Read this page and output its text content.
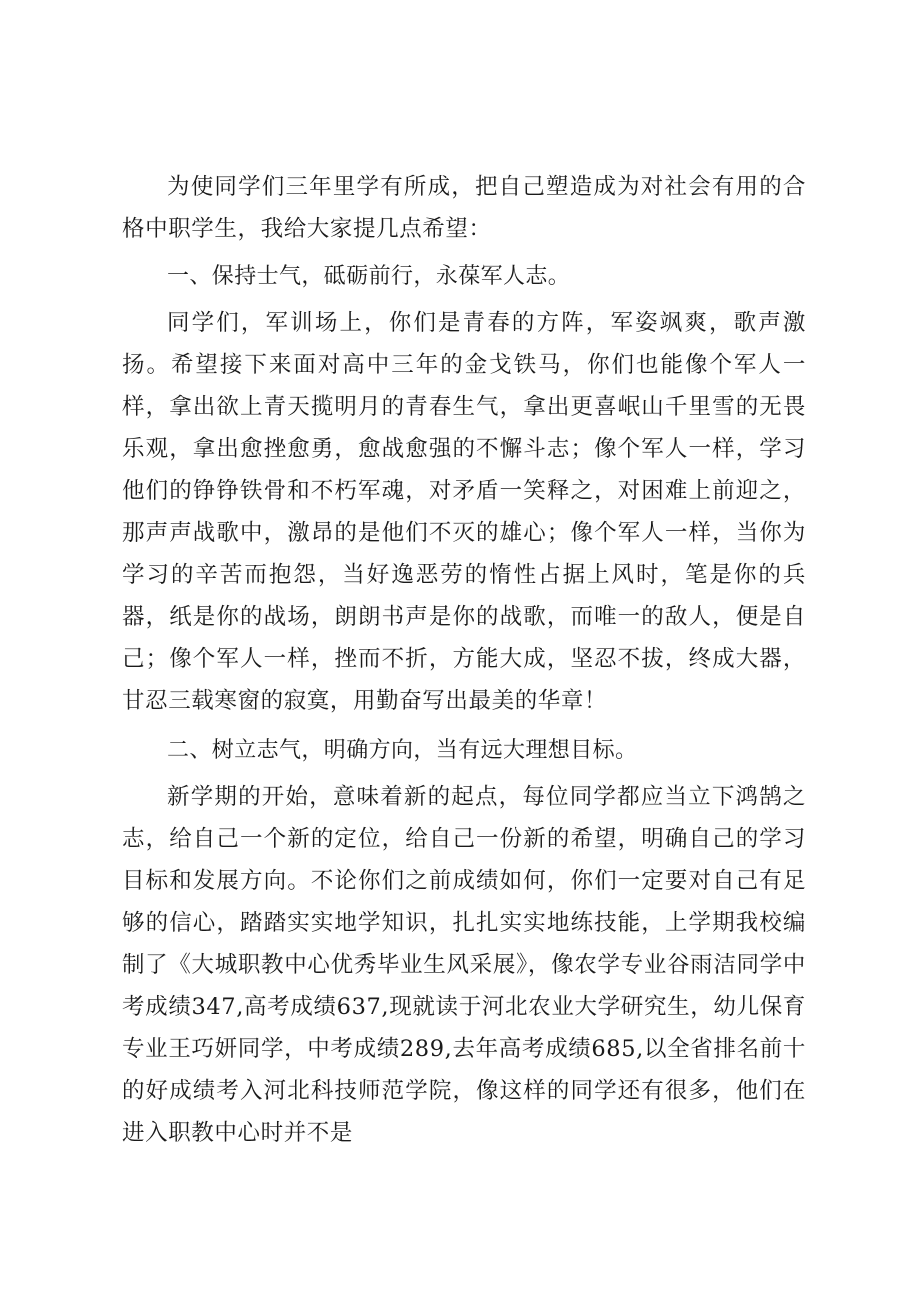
为使同学们三年里学有所成，把自己塑造成为对社会有用的合格中职学生，我给大家提几点希望：

一、保持士气，砥砺前行，永葆军人志。

同学们，军训场上，你们是青春的方阵，军姿飒爽，歌声激扬。希望接下来面对高中三年的金戈铁马，你们也能像个军人一样，拿出欲上青天揽明月的青春生气，拿出更喜岷山千里雪的无畏乐观，拿出愈挫愈勇，愈战愈强的不懈斗志；像个军人一样，学习他们的铮铮铁骨和不朽军魂，对矛盾一笑释之，对困难上前迎之，那声声战歌中，激昂的是他们不灭的雄心；像个军人一样，当你为学习的辛苦而抱怨，当好逸恶劳的惰性占据上风时，笔是你的兵器，纸是你的战场，朗朗书声是你的战歌，而唯一的敌人，便是自己；像个军人一样，挫而不折，方能大成，坚忍不拔，终成大器，甘忍三载寒窗的寂寞，用勤奋写出最美的华章！

二、树立志气，明确方向，当有远大理想目标。

新学期的开始，意味着新的起点，每位同学都应当立下鸿鹄之志，给自己一个新的定位，给自己一份新的希望，明确自己的学习目标和发展方向。不论你们之前成绩如何，你们一定要对自己有足够的信心，踏踏实实地学知识，扎扎实实地练技能，上学期我校编制了《大城职教中心优秀毕业生风采展》，像农学专业谷雨洁同学中考成绩347,高考成绩637,现就读于河北农业大学研究生，幼儿保育专业王巧妍同学，中考成绩289,去年高考成绩685,以全省排名前十的好成绩考入河北科技师范学院，像这样的同学还有很多，他们在进入职教中心时并不是
